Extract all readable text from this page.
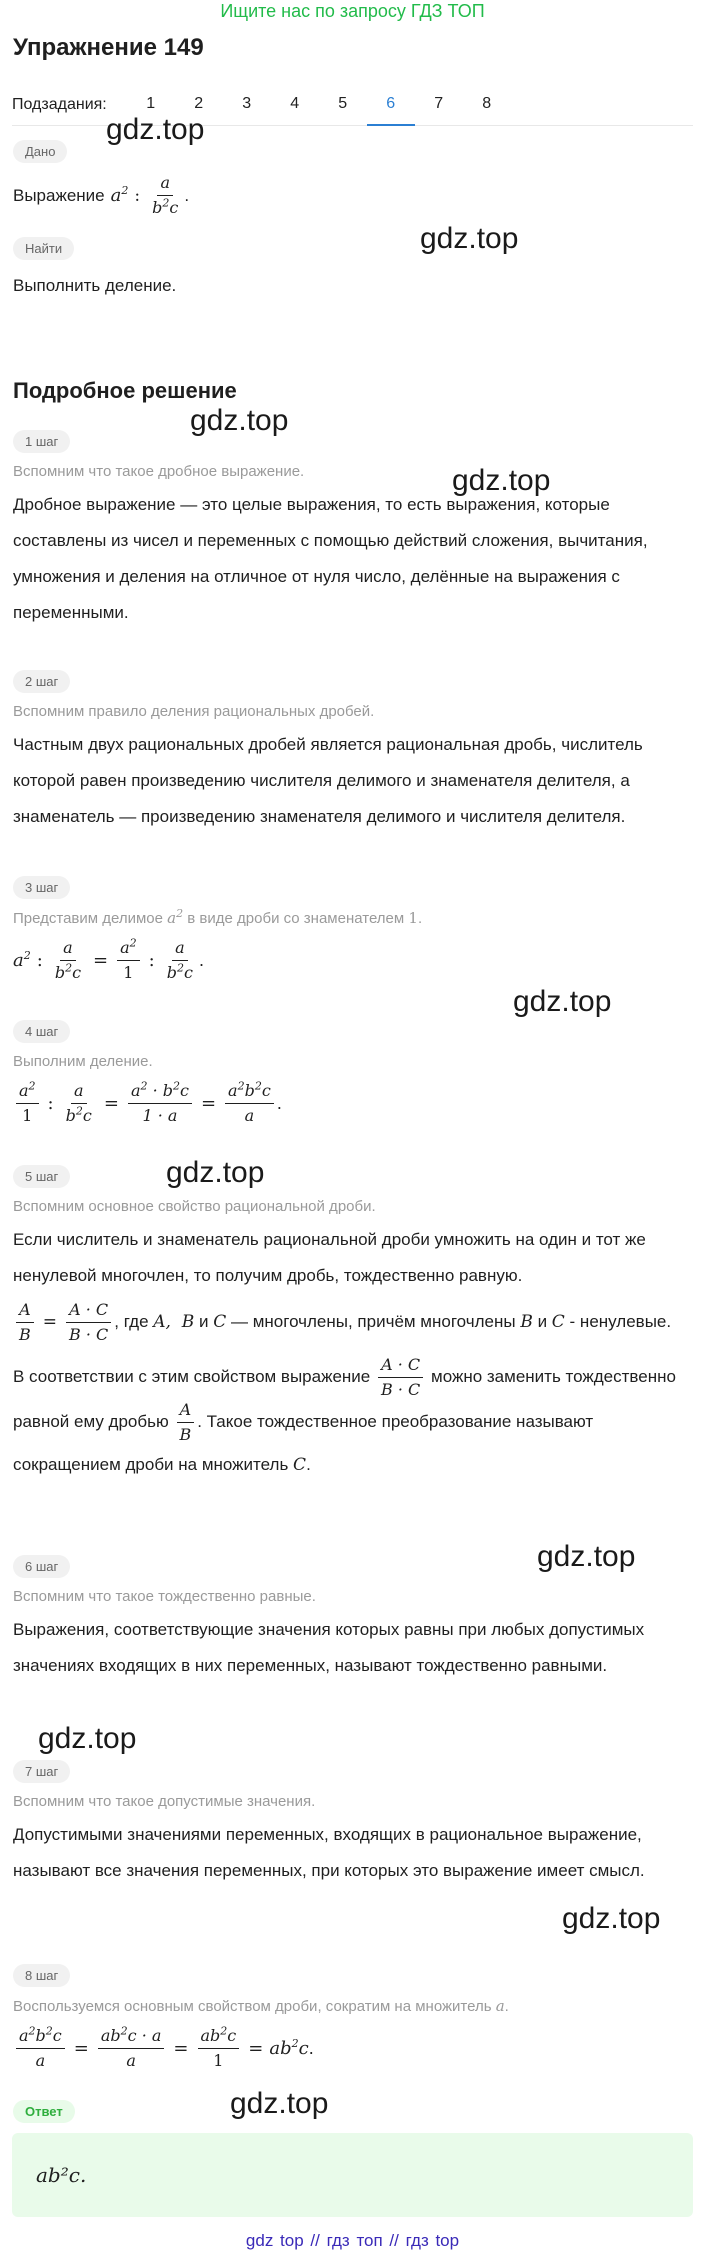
Ищите нас по запросу ГДЗ ТОП
Упражнение 149
Подзадания:	1	2	3	4	5	6	7	8
Дано
Выражение $a^2$ : $\frac{a}{b^2c}$ .
Найти
Выполнить деление.
Подробное решение
1 шаг
Вспомним что такое дробное выражение.
Дробное выражение — это целые выражения, то есть выражения, которые составлены из чисел и переменных с помощью действий сложения, вычитания, умножения и деления на отличное от нуля число, делённые на выражения с переменными.
2 шаг
Вспомним правило деления рациональных дробей.
Частным двух рациональных дробей является рациональная дробь, числитель которой равен произведению числителя делимого и знаменателя делителя, а знаменатель — произведению знаменателя делимого и числителя делителя.
3 шаг
Представим делимое $a^2$ в виде дроби со знаменателем 1.
$a^2$ : $\frac{a}{b^2c} = \frac{a^2}{1}$ : $\frac{a}{b^2c}$ .
4 шаг
Выполним деление.
$\frac{a^2}{1}$ : $\frac{a}{b^2c} = \frac{a^2 \cdot b^2c}{1 \cdot a} = \frac{a^2b^2c}{a}$ .
5 шаг
Вспомним основное свойство рациональной дроби.
Если числитель и знаменатель рациональной дроби умножить на один и тот же ненулевой многочлен, то получим дробь, тождественно равную.
$\frac{A}{B} = \frac{A \cdot C}{B \cdot C}$ , где A,  B и C — многочлены, причём многочлены B и C - ненулевые.
В соответствии с этим свойством выражение $\frac{A \cdot C}{B \cdot C}$ можно заменить тождественно равной ему дробью $\frac{A}{B}$ . Такое тождественное преобразование называют сокращением дроби на множитель C.
6 шаг
Вспомним что такое тождественно равные.
Выражения, соответствующие значения которых равны при любых допустимых значениях входящих в них переменных, называют тождественно равными.
7 шаг
Вспомним что такое допустимые значения.
Допустимыми значениями переменных, входящих в рациональное выражение, называют все значения переменных, при которых это выражение имеет смысл.
8 шаг
Воспользуемся основным свойством дроби, сократим на множитель a.
$\frac{a^2b^2c}{a} = \frac{ab^2c \cdot a}{a} = \frac{ab^2c}{1} = ab^2c$ .
Ответ
ab²c.
gdz top // гдз топ // гдз top
gdz.top
gdz.top
gdz.top
gdz.top
gdz.top
gdz.top
gdz.top
gdz.top
gdz.top
gdz.top
